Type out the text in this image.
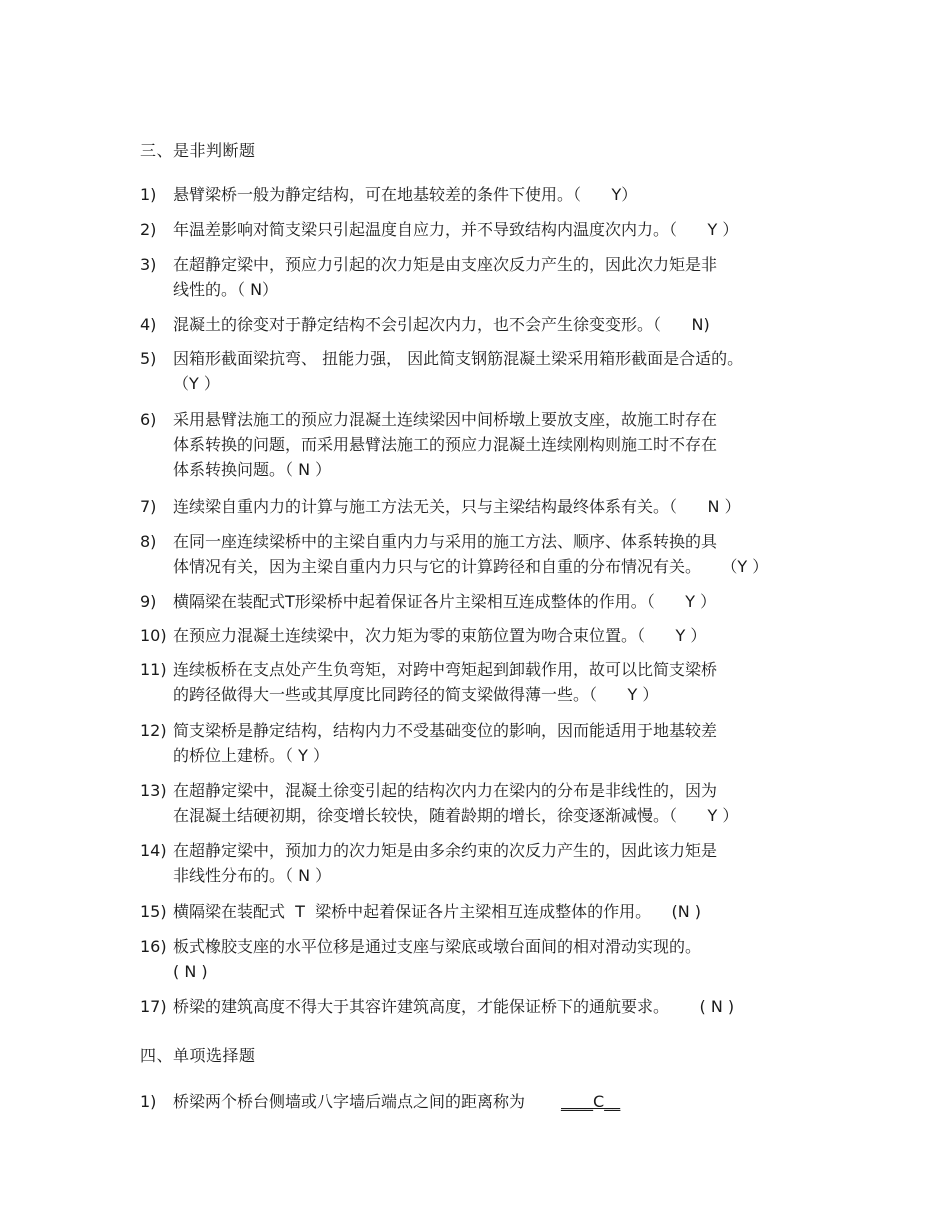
三、是非判断题
1)	悬臂梁桥一般为静定结构，可在地基较差的条件下使用。（      Y）
2)	年温差影响对简支梁只引起温度自应力，并不导致结构内温度次内力。（      Y ）
3)	在超静定梁中，预应力引起的次力矩是由支座次反力产生的，因此次力矩是非
线性的。（ N）
4)	混凝土的徐变对于静定结构不会引起次内力，也不会产生徐变变形。（      N)
5)	因箱形截面梁抗弯、 扭能力强， 因此简支钢筋混凝土梁采用箱形截面是合适的。
（Y ）
6)	采用悬臂法施工的预应力混凝土连续梁因中间桥墩上要放支座，故施工时存在
体系转换的问题，而采用悬臂法施工的预应力混凝土连续刚构则施工时不存在
体系转换问题。（ N ）
7)	连续梁自重内力的计算与施工方法无关，只与主梁结构最终体系有关。（      N ）
8)	在同一座连续梁桥中的主梁自重内力与采用的施工方法、顺序、体系转换的具
体情况有关，因为主梁自重内力只与它的计算跨径和自重的分布情况有关。    （Y ）
9)	横隔梁在装配式T形梁桥中起着保证各片主梁相互连成整体的作用。（      Y ）
10) 在预应力混凝土连续梁中，次力矩为零的束筋位置为吻合束位置。（      Y ）
11) 连续板桥在支点处产生负弯矩，对跨中弯矩起到卸载作用，故可以比简支梁桥
的跨径做得大一些或其厚度比同跨径的简支梁做得薄一些。（      Y ）
12) 简支梁桥是静定结构，结构内力不受基础变位的影响，因而能适用于地基较差
的桥位上建桥。（ Y ）
13) 在超静定梁中，混凝土徐变引起的结构次内力在梁内的分布是非线性的，因为
在混凝土结硬初期，徐变增长较快，随着龄期的增长，徐变逐渐减慢。（      Y ）
14) 在超静定梁中，预加力的次力矩是由多余约束的次反力产生的，因此该力矩是
非线性分布的。（ N ）
15) 横隔梁在装配式  T  梁桥中起着保证各片主梁相互连成整体的作用。    (N )
16) 板式橡胶支座的水平位移是通过支座与梁底或墩台面间的相对滑动实现的。
( N )
17) 桥梁的建筑高度不得大于其容许建筑高度，才能保证桥下的通航要求。      ( N )
四、单项选择题
1)	桥梁两个桥台侧墙或八字墙后端点之间的距离称为 ____C__
